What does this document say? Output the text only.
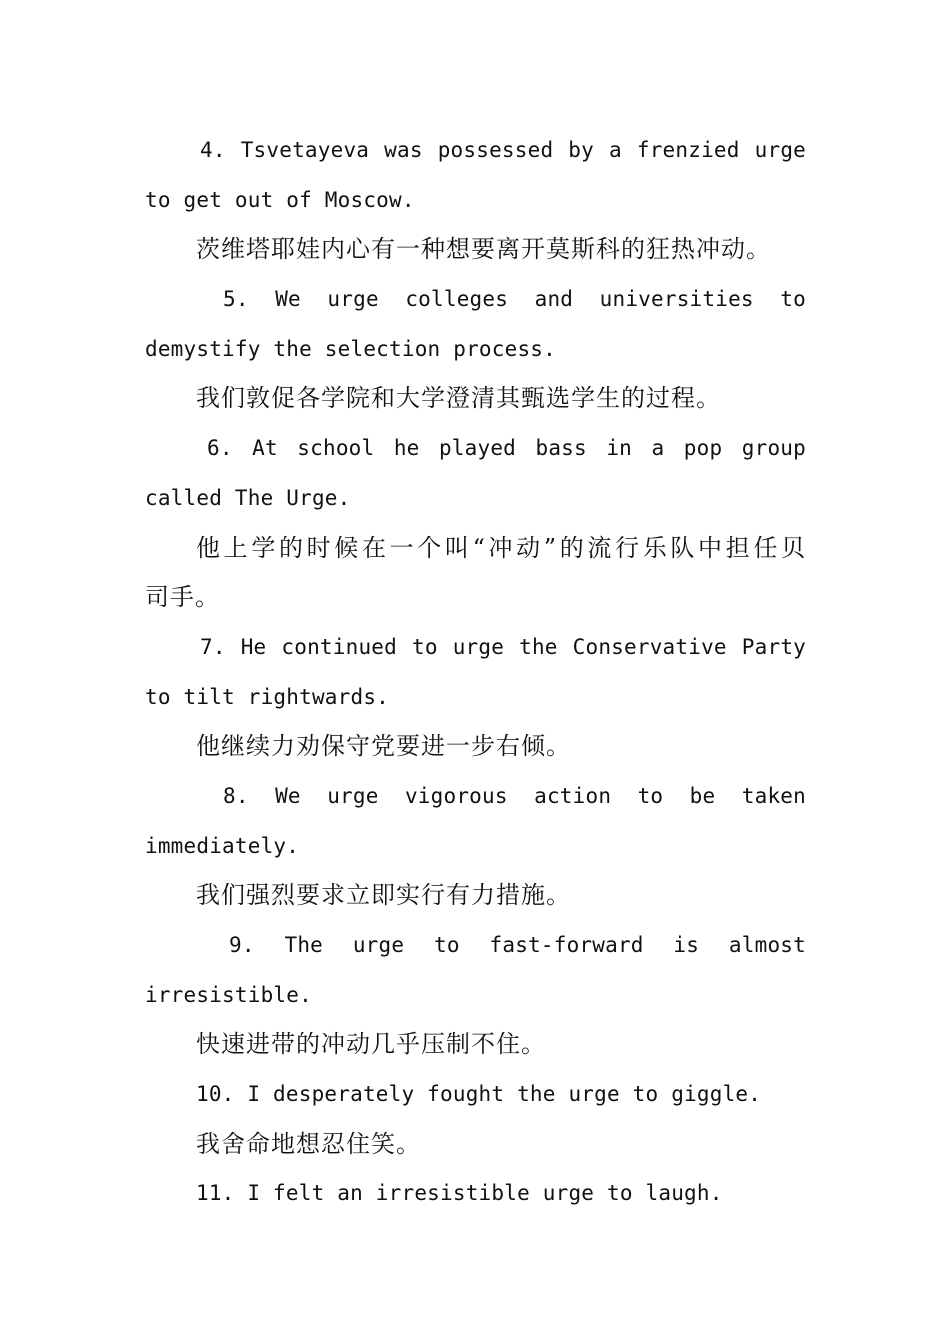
4. Tsvetayeva was possessed by a frenzied urge
to get out of Moscow.
茨维塔耶娃内心有一种想要离开莫斯科的狂热冲动。
5. We urge colleges and universities to
demystify the selection process.
我们敦促各学院和大学澄清其甄选学生的过程。
6. At school he played bass in a pop group
called The Urge.
他上学的时候在一个叫“冲动”的流行乐队中担任贝
司手。
7. He continued to urge the Conservative Party
to tilt rightwards.
他继续力劝保守党要进一步右倾。
8. We urge vigorous action to be taken
immediately.
我们强烈要求立即实行有力措施。
9. The urge to fast-forward is almost
irresistible.
快速进带的冲动几乎压制不住。
10. I desperately fought the urge to giggle.
我舍命地想忍住笑。
11. I felt an irresistible urge to laugh.
